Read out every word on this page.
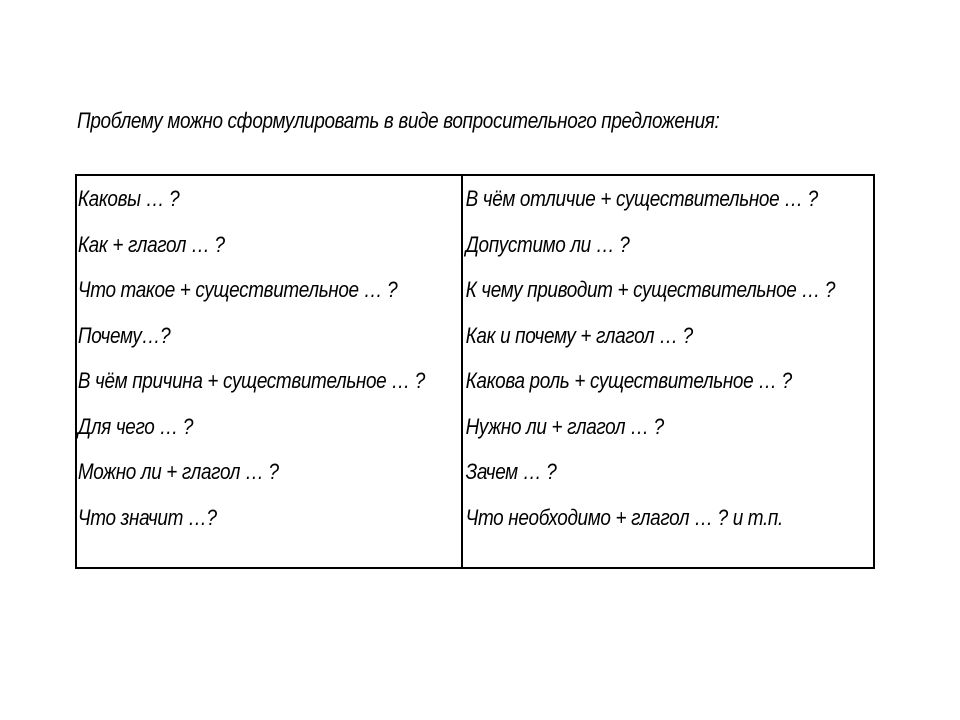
Проблему можно сформулировать в виде вопросительного предложения:
Каковы … ?
Как + глагол … ?
Что такое + существительное … ?
Почему…?
В чём причина + существительное … ?
Для чего … ?
Можно ли + глагол … ?
Что значит …?
В чём отличие + существительное … ?
Допустимо ли … ?
К чему приводит + существительное … ?
Как и почему + глагол … ?
Какова роль + существительное … ?
Нужно ли + глагол … ?
Зачем … ?
Что необходимо + глагол … ? и т.п.
